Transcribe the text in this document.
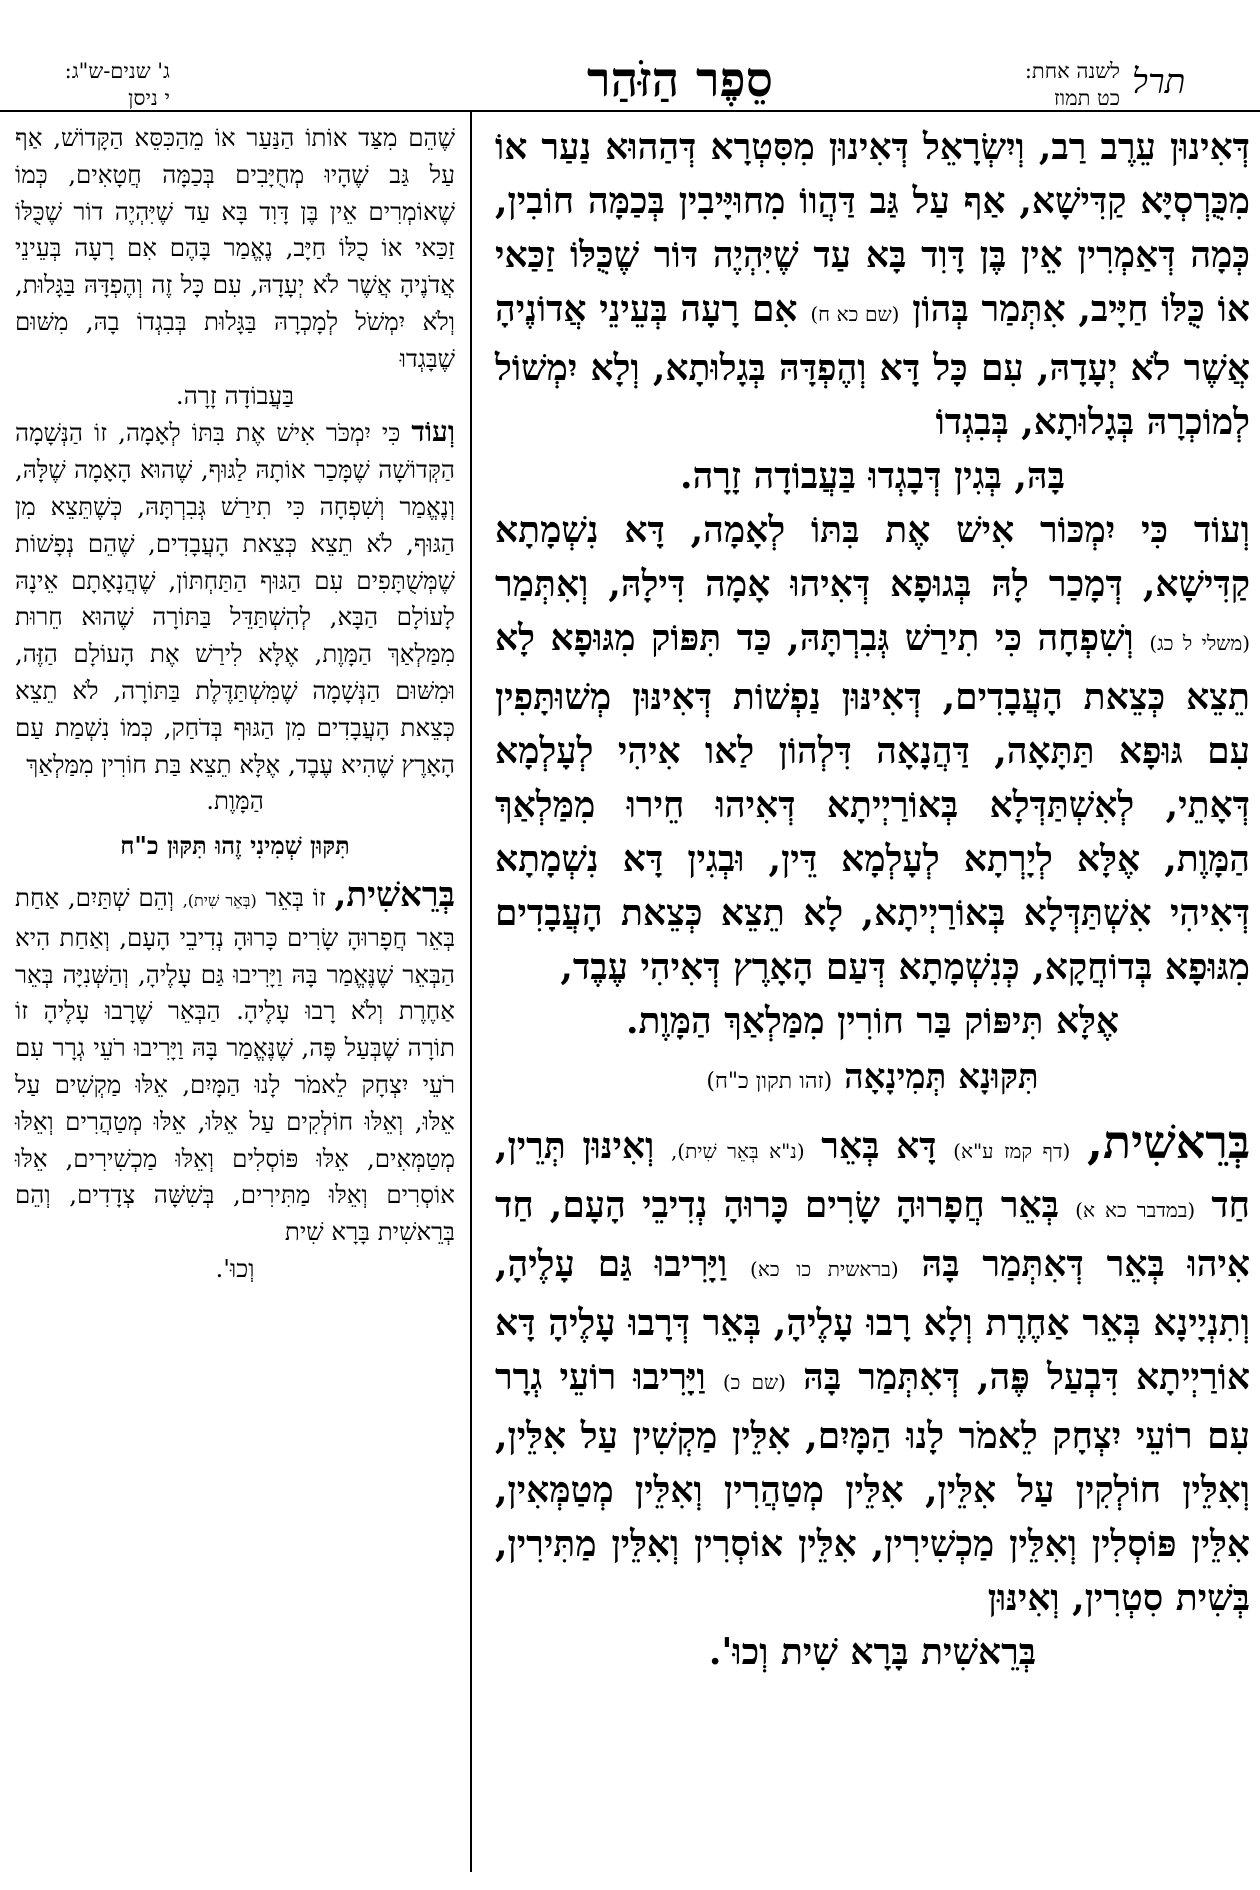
תרל
לשנה אחת:
כט תמוז
סֵפֶר הַזֹּהַר
ג' שנים-ש"ג:
י ניסן

דְּאִינוּן עֵרֶב רַב, וְיִשְׂרָאֵל דְּאִינוּן מִסִּטְרָא דְּהַהוּא נַעַר אוֹ מִכֻּרְסְיָּא קַדִּישָׁא, אַף עַל גַּב דַּהֲווֹ מִחוּיָּיבִין בְּכַמָּה חוֹבִין, כְּמָה דְּאַמְרִין אֵין בֶּן דָּוִד בָּא עַד שֶׁיִּהְיֶה דּוֹר שֶׁכֻּלּוֹ זַכַּאי אוֹ כֻּלּוֹ חַיָּיב, אִתְּמַר בְּהוֹן (שם כא ח) אִם רָעָה בְּעֵינֵי אֲדוֹנֶיהָ אֲשֶׁר לֹא יְעָדָהּ, עִם כָּל דָּא וְהֶפְדָּהּ בְּגָלוּתָא, וְלָא יִמְשׁוֹל לְמוֹכְרָהּ בְּגָלוּתָא, בְּבִגְדוֹ

בָּהּ, בְּגִין דְּבָגְדוּ בַּעֲבוֹדָה זָרָה.

וְעוֹד כִּי יִמְכּוֹר אִישׁ אֶת בִּתּוֹ לְאָמָה, דָּא נִשְׁמָתָא קַדִּישָׁא, דְּמָכַר לָהּ בְּגוּפָא דְּאִיהוּ אָמָה דִּילָהּ, וְאִתְּמַר (משלי ל כג) וְשִׁפְחָה כִּי תִירַשׁ גְּבִרְתָּהּ, כַּד תִּפּוֹק מִגּוּפָא לָא תֵצֵא כְּצֵאת הָעֲבָדִים, דְּאִינּוּן נַפְשׁוֹת דְּאִינּוּן מְשׁוּתָּפִין עִם גּוּפָא תַּתָּאָה, דַּהֲנָאָה דִּלְהוֹן לַאו אִיהִי לְעָלְמָא דְּאָתֵי, לְאִשְׁתַּדְּלָא בְּאוֹרַיְיתָא דְּאִיהוּ חֵירוּ מִמַּלְאַךְ הַמָּוֶת, אֶלָּא לְיָרְתָא לְעָלְמָא דֵּין, וּבְגִין דָּא נִשְׁמָתָא דְּאִיהִי אִשְׁתַּדְּלָא בְּאוֹרַיְיתָא, לָא תֵצֵא כְּצֵאת הָעֲבָדִים מִגּוּפָא בְּדוֹחֲקָא, כְּנִשְׁמָתָא דְּעַם הָאָרֶץ דְּאִיהִי עֶבֶד,

אֶלָּא תִּיפּוֹק בַּר חוֹרִין מִמַּלְאַךְ הַמָּוֶת.

תִּקּוּנָא תְּמִינָאָה (זהו תקון כ"ח)

בְּרֵאשִׁית, (דף קמז ע"א) דָּא בְּאֵר (נ"א בְּאֵר שִׁית), וְאִינּוּן תְּרֵין, חַד (במדבר כא א) בְּאֵר חֲפָרוּהָ שָׂרִים כָּרוּהָ נְדִיבֵי הָעָם, חַד אִיהוּ בְּאֵר דְּאִתְּמַר בָּהּ (בראשית כו כא) וַיָּרִיבוּ גַּם עָלֶיהָ, וְתִנְיָינָא בְּאֵר אַחֶרֶת וְלָא רָבוּ עָלֶיהָ, בְּאֵר דְּרָבוּ עָלֶיהָ דָּא אוֹרַיְיתָא דִּבְעַל פֶּה, דְּאִתְּמַר בָּהּ (שם כ) וַיָּרִיבוּ רוֹעֵי גְרָר עִם רוֹעֵי יִצְחָק לֵאמֹר לָנוּ הַמָּיִם, אִלֵּין מַקְשִׁין עַל אִלֵּין, וְאִלֵּין חוֹלְקִין עַל אִלֵּין, אִלֵּין מְטַהֲרִין וְאִלֵּין מְטַמְּאִין, אִלֵּין פּוֹסְלִין וְאִלֵּין מַכְשִׁירִין, אִלֵּין אוֹסְרִין וְאִלֵּין מַתִּירִין, בְּשִׁית סִטְרִין, וְאִינּוּן

בְּרֵאשִׁית בָּרָא שִׁית וְכוּ'.

שֶׁהֵם מִצַּד אוֹתוֹ הַנַּעַר אוֹ מֵהַכִּסֵּא הַקָּדוֹשׁ, אַף עַל גַּב שֶׁהָיוּ מְחֻיָּבִים בְּכַמָּה חֲטָאִים, כְּמוֹ שֶׁאוֹמְרִים אֵין בֶּן דָּוִד בָּא עַד שֶׁיִּהְיֶה דוֹר שֶׁכֻּלּוֹ זַכַּאי אוֹ כֻלּוֹ חַיָּב, נֶאֱמַר בָּהֶם אִם רָעָה בְּעֵינֵי אֲדֹנֶיהָ אֲשֶׁר לֹא יְעָדָהּ, עִם כָּל זֶה וְהֶפְדָּהּ בַּגָּלוּת, וְלֹא יִמְשֹׁל לְמָכְרָהּ בַּגָּלוּת בְּבִגְדוֹ בָהּ, מִשּׁוּם שֶׁבָּגְדוּ

בַּעֲבוֹדָה זָרָה.

וְעוֹד כִּי יִמְכֹּר אִישׁ אֶת בִּתּוֹ לְאָמָה, זוֹ הַנְּשָׁמָה הַקְּדוֹשָׁה שֶׁמָּכַר אוֹתָהּ לַגּוּף, שֶׁהוּא הָאָמָה שֶׁלָּהּ, וְנֶאֱמַר וְשִׁפְחָה כִּי תִירַשׁ גְּבִרְתָּהּ, כְּשֶׁתֵּצֵא מִן הַגּוּף, לֹא תֵצֵא כְּצֵאת הָעֲבָדִים, שֶׁהֵם נְפָשׁוֹת שֶׁמְּשֻׁתָּפִים עִם הַגּוּף הַתַּחְתּוֹן, שֶׁהֲנָאָתָם אֵינָהּ לָעוֹלָם הַבָּא, לְהִשְׁתַּדֵּל בַּתּוֹרָה שֶׁהוּא חֵרוּת מִמַּלְאַךְ הַמָּוֶת, אֶלָּא לִירַשׁ אֶת הָעוֹלָם הַזֶּה, וּמִשּׁוּם הַנְּשָׁמָה שֶׁמִּשְׁתַּדֶּלֶת בַּתּוֹרָה, לֹא תֵצֵא כְּצֵאת הָעֲבָדִים מִן הַגּוּף בְּדֹחַק, כְּמוֹ נִשְׁמַת עַם הָאָרֶץ שֶׁהִיא עֶבֶד, אֶלָּא תֵצֵא בַּת חוֹרִין מִמַּלְאַךְ

הַמָּוֶת.

תִּקּוּן שְׁמִינִי זֶהוּ תִּקּוּן כ"ח

בְּרֵאשִׁית, זוֹ בְּאֵר (בְּאֵר שִׁית), וְהֵם שְׁתַּיִם, אַחַת בְּאֵר חֲפָרוּהָ שָׂרִים כָּרוּהָ נְדִיבֵי הָעָם, וְאַחַת הִיא הַבְּאֵר שֶׁנֶּאֱמַר בָּהּ וַיָּרִיבוּ גַּם עָלֶיהָ, וְהַשְּׁנִיָּה בְּאֵר אַחֶרֶת וְלֹא רָבוּ עָלֶיהָ. הַבְּאֵר שֶׁרָבוּ עָלֶיהָ זוֹ תוֹרָה שֶׁבְּעַל פֶּה, שֶׁנֶּאֱמַר בָּהּ וַיָּרִיבוּ רֹעֵי גְרָר עִם רֹעֵי יִצְחָק לֵאמֹר לָנוּ הַמָּיִם, אֵלּוּ מַקְשִׁים עַל אֵלּוּ, וְאֵלּוּ חוֹלְקִים עַל אֵלּוּ, אֵלּוּ מְטַהֲרִים וְאֵלּוּ מְטַמְּאִים, אֵלּוּ פּוֹסְלִים וְאֵלּוּ מַכְשִׁירִים, אֵלּוּ אוֹסְרִים וְאֵלּוּ מַתִּירִים, בְּשִׁשָּׁה צְדָדִים, וְהֵם בְּרֵאשִׁית בָּרָא שִׁית

וְכוּ'.
